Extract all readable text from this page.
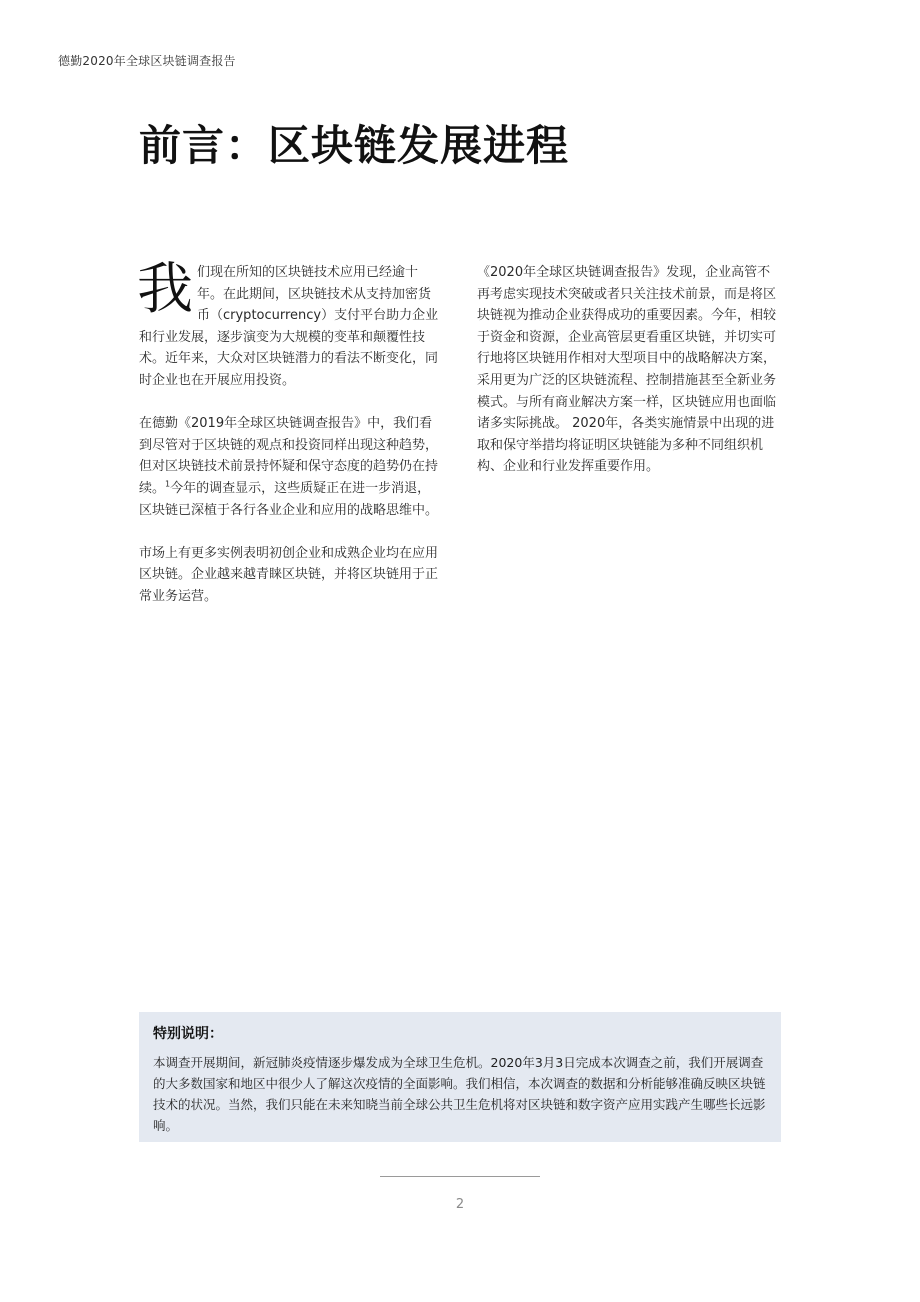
德勤2020年全球区块链调查报告
前言：区块链发展进程

我们现在所知的区块链技术应用已经逾十年。在此期间，区块链技术从支持加密货币（cryptocurrency）支付平台助力企业和行业发展，逐步演变为大规模的变革和颠覆性技术。近年来，大众对区块链潜力的看法不断变化，同时企业也在开展应用投资。

在德勤《2019年全球区块链调查报告》中，我们看到尽管对于区块链的观点和投资同样出现这种趋势，但对区块链技术前景持怀疑和保守态度的趋势仍在持续。$^1$今年的调查显示，这些质疑正在进一步消退，区块链已深植于各行各业企业和应用的战略思维中。

市场上有更多实例表明初创企业和成熟企业均在应用区块链。企业越来越青睐区块链，并将区块链用于正常业务运营。

《2020年全球区块链调查报告》发现，企业高管不再考虑实现技术突破或者只关注技术前景，而是将区块链视为推动企业获得成功的重要因素。今年，相较于资金和资源，企业高管层更看重区块链，并切实可行地将区块链用作相对大型项目中的战略解决方案，采用更为广泛的区块链流程、控制措施甚至全新业务模式。与所有商业解决方案一样，区块链应用也面临诸多实际挑战。 2020年，各类实施情景中出现的进取和保守举措均将证明区块链能为多种不同组织机构、企业和行业发挥重要作用。

特别说明：

本调查开展期间，新冠肺炎疫情逐步爆发成为全球卫生危机。2020年3月3日完成本次调查之前，我们开展调查的大多数国家和地区中很少人了解这次疫情的全面影响。我们相信，本次调查的数据和分析能够准确反映区块链技术的状况。当然，我们只能在未来知晓当前全球公共卫生危机将对区块链和数字资产应用实践产生哪些长远影响。

2
